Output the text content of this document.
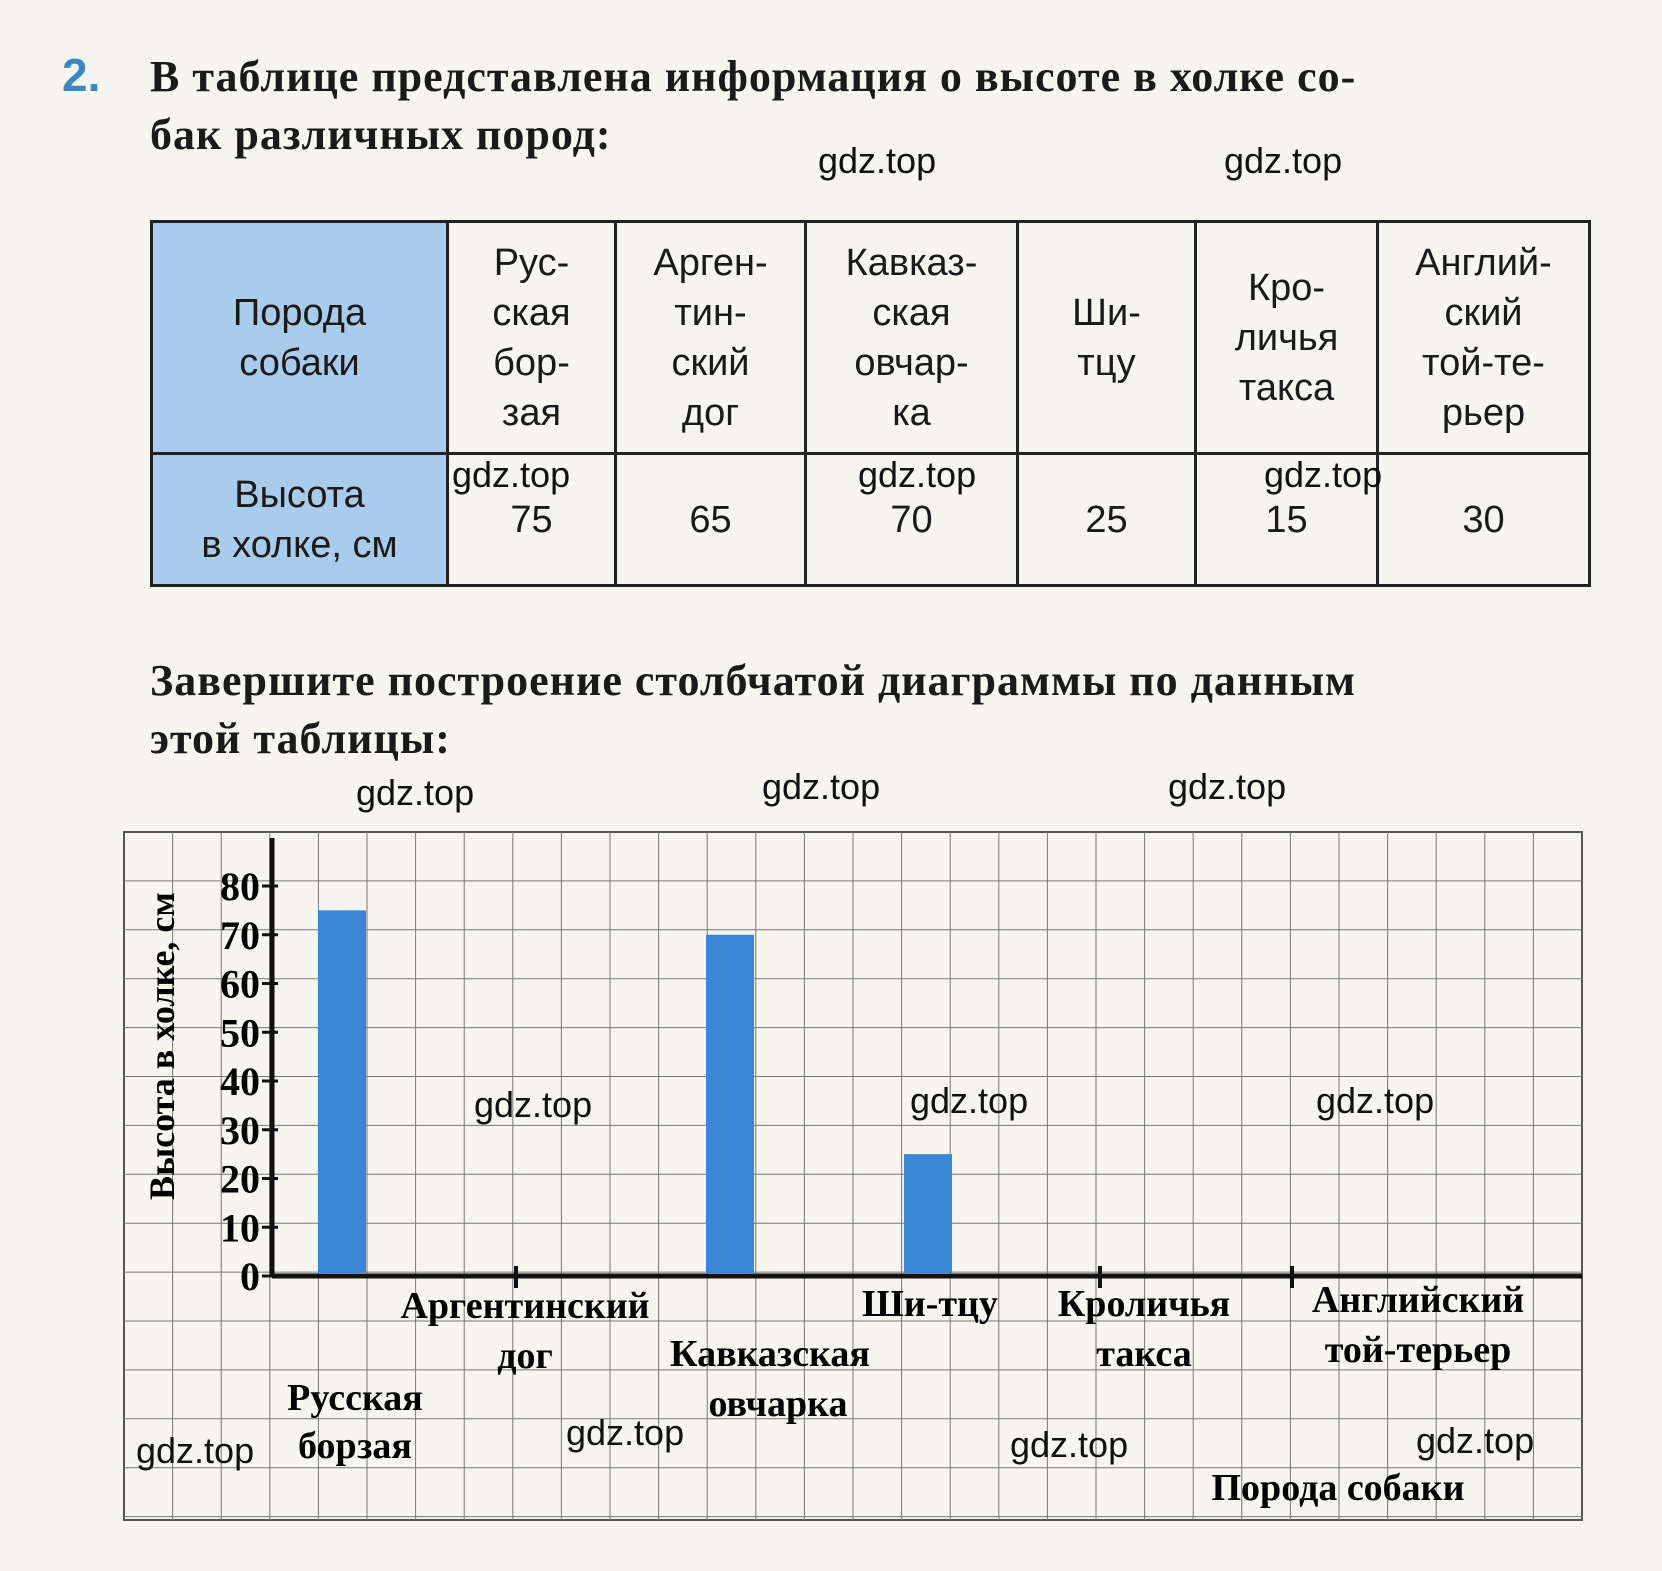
2. В таблице представлена информация о высоте в холке со-
бак различных пород:
Порода
собаки	Рус-
ская
бор-
зая	Арген-
тин-
ский
дог	Кавказ-
ская
овчар-
ка	Ши-
тцу	Кро-
личья
такса	Англий-
ский
той-те-
рьер
Высота
в холке, см	75	65	70	25	15	30
Завершите построение столбчатой диаграммы по данным
этой таблицы:
0
10
20
30
40
50
60
70
80
Высота в холке, см
Русская
борзая
Аргентинский
дог	Кавказская
овчарка
Ши-тцу Кроличья
такса
Английский
той-терьер
Порода собаки
gdz.top	gdz.top
gdz.top	gdz.top	gdz.top
gdz.top	gdz.top	gdz.top
gdz.top	gdz.top	gdz.top
gdz.top	gdz.top	gdz.top	gdz.top
